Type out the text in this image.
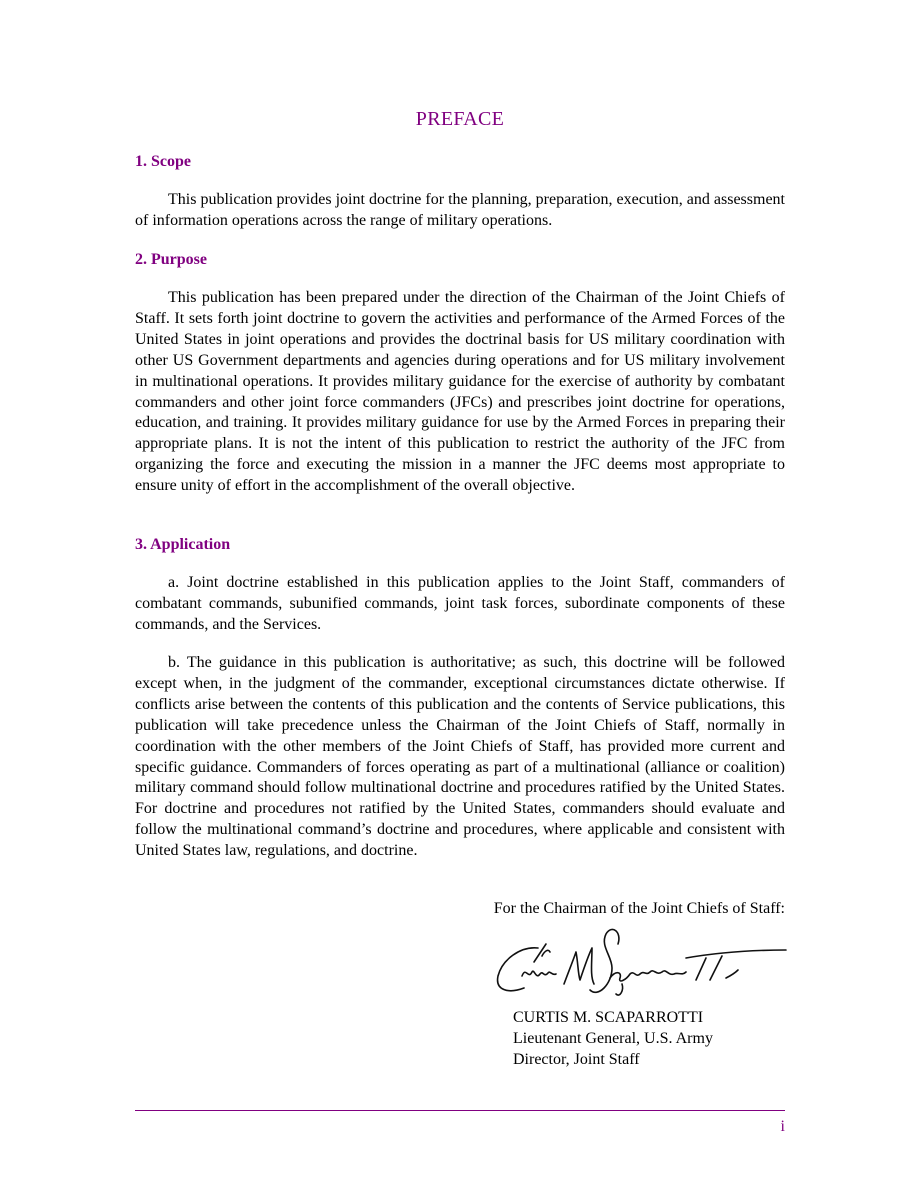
PREFACE
1. Scope

This publication provides joint doctrine for the planning, preparation, execution, and assessment of information operations across the range of military operations.

2. Purpose

This publication has been prepared under the direction of the Chairman of the Joint Chiefs of Staff. It sets forth joint doctrine to govern the activities and performance of the Armed Forces of the United States in joint operations and provides the doctrinal basis for US military coordination with other US Government departments and agencies during operations and for US military involvement in multinational operations. It provides military guidance for the exercise of authority by combatant commanders and other joint force commanders (JFCs) and prescribes joint doctrine for operations, education, and training. It provides military guidance for use by the Armed Forces in preparing their appropriate plans. It is not the intent of this publication to restrict the authority of the JFC from organizing the force and executing the mission in a manner the JFC deems most appropriate to ensure unity of effort in the accomplishment of the overall objective.

3. Application

a. Joint doctrine established in this publication applies to the Joint Staff, commanders of combatant commands, subunified commands, joint task forces, subordinate components of these commands, and the Services.

b. The guidance in this publication is authoritative; as such, this doctrine will be followed except when, in the judgment of the commander, exceptional circumstances dictate otherwise. If conflicts arise between the contents of this publication and the contents of Service publications, this publication will take precedence unless the Chairman of the Joint Chiefs of Staff, normally in coordination with the other members of the Joint Chiefs of Staff, has provided more current and specific guidance. Commanders of forces operating as part of a multinational (alliance or coalition) military command should follow multinational doctrine and procedures ratified by the United States. For doctrine and procedures not ratified by the United States, commanders should evaluate and follow the multinational command’s doctrine and procedures, where applicable and consistent with United States law, regulations, and doctrine.

For the Chairman of the Joint Chiefs of Staff:
CURTIS M. SCAPARROTTI
Lieutenant General, U.S. Army
Director, Joint Staff
i
